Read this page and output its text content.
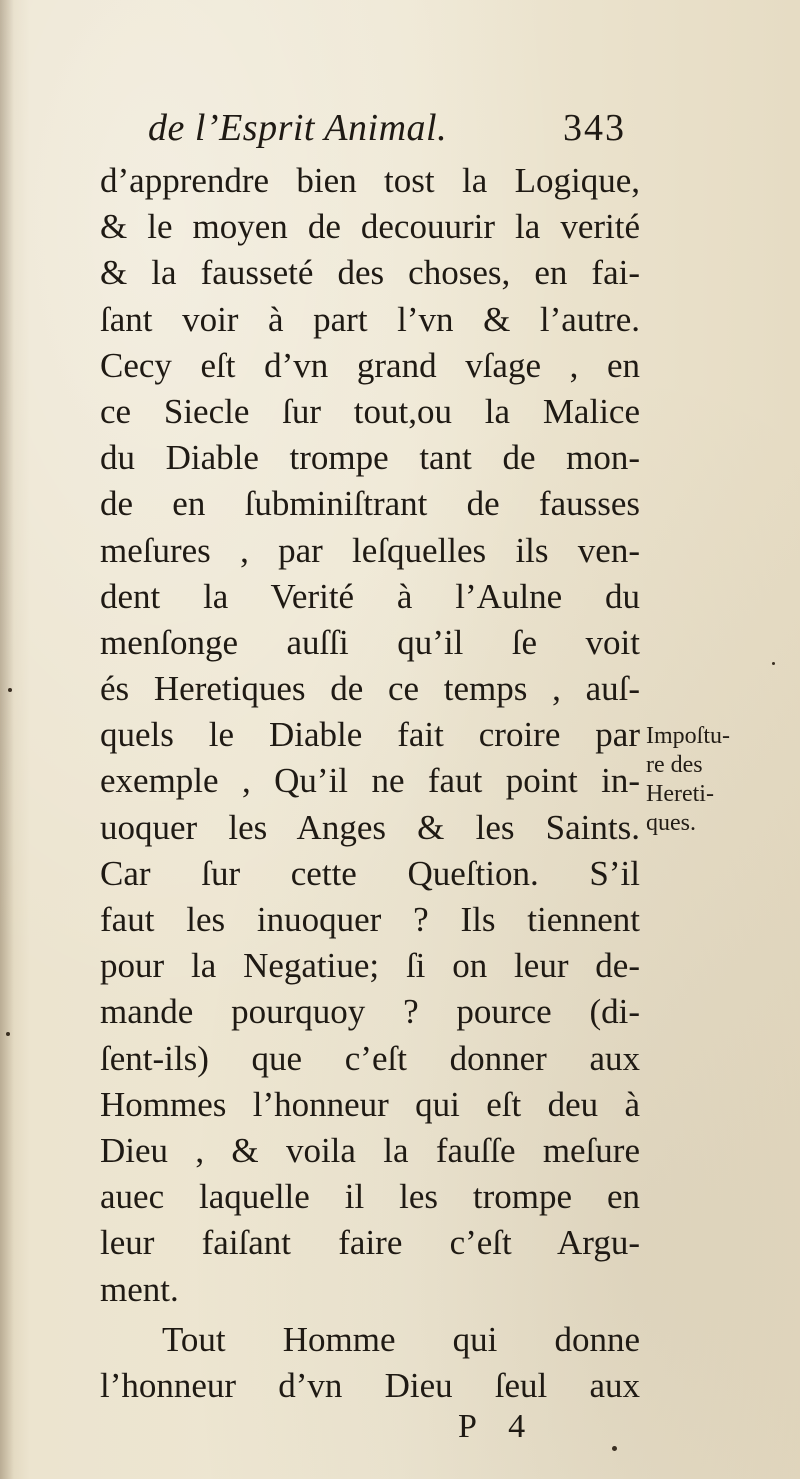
de l’Esprit Animal.	343
d’apprendre bien tost la Logique,
& le moyen de decouurir la verité
& la fausseté des choses, en fai-
ſant voir à part l’vn & l’autre.
Cecy eſt d’vn grand vſage , en
ce Siecle ſur tout,ou la Malice
du Diable trompe tant de mon-
de en ſubminiſtrant de fausses
meſures , par leſquelles ils ven-
dent la Verité à l’Aulne du
menſonge auſſi qu’il ſe voit
és Heretiques de ce temps , auſ-
quels le Diable fait croire par
exemple , Qu’il ne faut point in-
uoquer les Anges & les Saints.
Car ſur cette Queſtion. S’il
faut les inuoquer ? Ils tiennent
pour la Negatiue; ſi on leur de-
mande pourquoy ? pource (di-
ſent-ils) que c’eſt donner aux
Hommes l’honneur qui eſt deu à
Dieu , & voila la fauſſe meſure
auec laquelle il les trompe en
leur faiſant faire c’eſt Argu-
ment.
Tout Homme qui donne
l’honneur d’vn Dieu ſeul aux
Impoſtu-
re des
Hereti-
ques.
P 4
